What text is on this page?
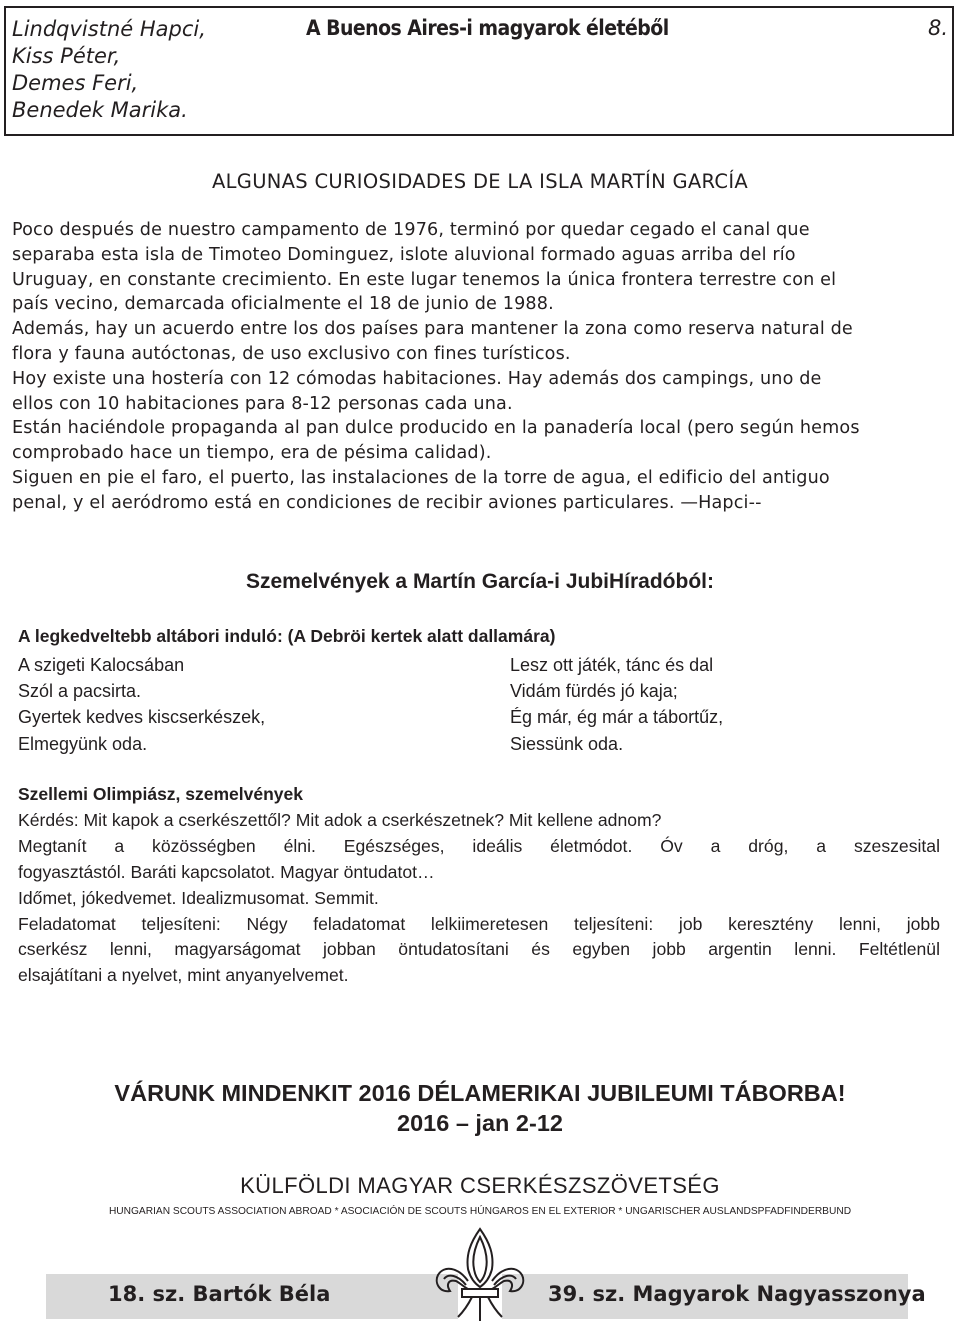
Lindqvistné Hapci,
Kiss Péter,
Demes Feri,
Benedek Marika.
A Buenos Aires-i magyarok életéből	8.
ALGUNAS CURIOSIDADES DE LA ISLA MARTÍN GARCÍA
Poco después de nuestro campamento de 1976, terminó por quedar cegado el canal que
separaba esta isla de Timoteo Dominguez, islote aluvional formado aguas arriba del río
Uruguay, en constante crecimiento. En este lugar tenemos la única frontera terrestre con el
país vecino, demarcada oficialmente el 18 de junio de 1988.
Además, hay un acuerdo entre los dos países para mantener la zona como reserva natural de
flora y fauna autóctonas, de uso exclusivo con fines turísticos.
Hoy existe una hostería con 12 cómodas habitaciones. Hay además dos campings, uno de
ellos con 10 habitaciones para 8-12 personas cada una.
Están haciéndole propaganda al pan dulce producido en la panadería local (pero según hemos
comprobado hace un tiempo, era de pésima calidad).
Siguen en pie el faro, el puerto, las instalaciones de la torre de agua, el edificio del antiguo
penal, y el aeródromo está en condiciones de recibir aviones particulares. —Hapci--
Szemelvények a Martín García-i JubiHíradóból:
A legkedveltebb altábori induló: (A Debröi kertek alatt dallamára)
A szigeti Kalocsában
Szól a pacsirta.
Gyertek kedves kiscserkészek,
Elmegyünk oda.
Lesz ott játék, tánc és dal
Vidám fürdés jó kaja;
Ég már, ég már a tábortűz,
Siessünk oda.
Szellemi Olimpiász, szemelvények
Kérdés: Mit kapok a cserkészettől? Mit adok a cserkészetnek? Mit kellene adnom?
Megtanít a közösségben élni. Egészséges, ideális életmódot. Óv a dróg, a szeszesital
fogyasztástól. Baráti kapcsolatot. Magyar öntudatot…
Időmet, jókedvemet. Idealizmusomat. Semmit.
Feladatomat teljesíteni: Négy feladatomat lelkiimeretesen teljesíteni: job keresztény lenni, jobb
cserkész lenni, magyarságomat jobban öntudatosítani és egyben jobb argentin lenni. Feltétlenül
elsajátítani a nyelvet, mint anyanyelvemet.
VÁRUNK MINDENKIT 2016 DÉLAMERIKAI JUBILEUMI TÁBORBA!
2016 – jan 2-12
KÜLFÖLDI MAGYAR CSERKÉSZSZÖVETSÉG
HUNGARIAN SCOUTS ASSOCIATION ABROAD * ASOCIACIÓN DE SCOUTS HÚNGAROS EN EL EXTERIOR * UNGARISCHER AUSLANDSPFADFINDERBUND
18. sz. Bartók Béla	39. sz. Magyarok Nagyasszonya
